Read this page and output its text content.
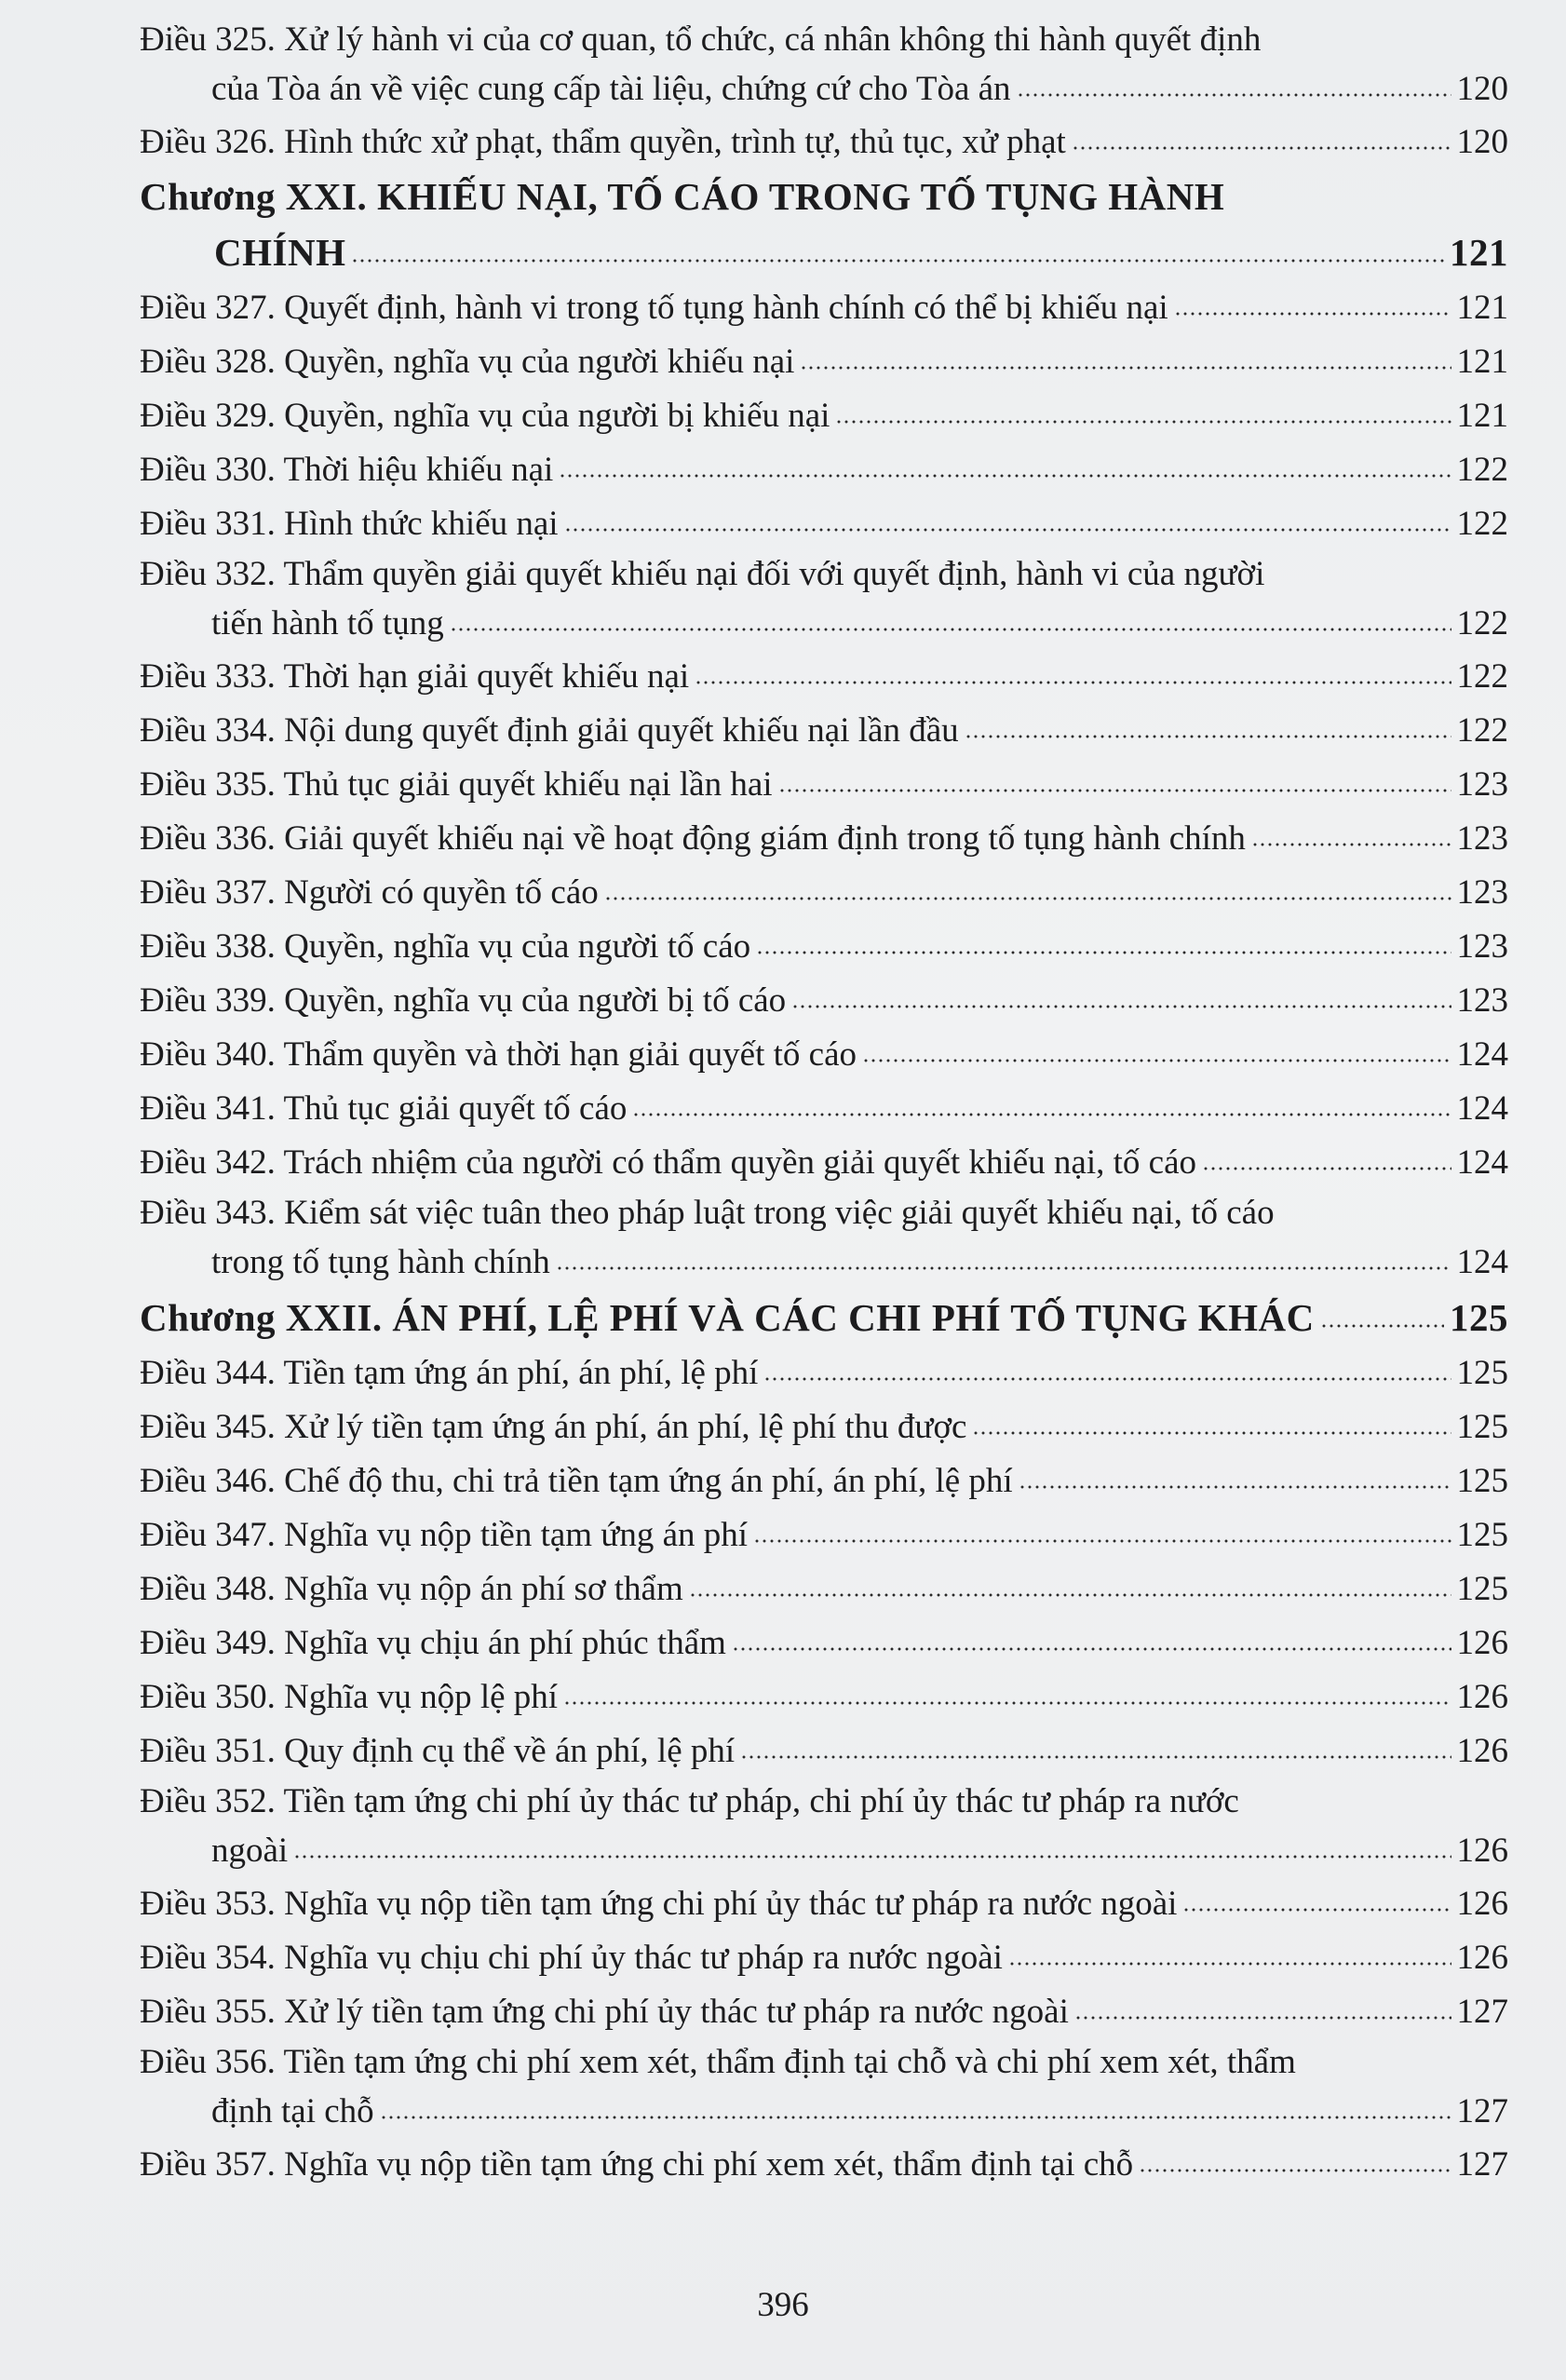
Điều 325. Xử lý hành vi của cơ quan, tổ chức, cá nhân không thi hành quyết định
của Tòa án về việc cung cấp tài liệu, chứng cứ cho Tòa án	120
Điều 326. Hình thức xử phạt, thẩm quyền, trình tự, thủ tục, xử phạt	120
Chương XXI. KHIẾU NẠI, TỐ CÁO TRONG TỐ TỤNG HÀNH
CHÍNH	121
Điều 327. Quyết định, hành vi trong tố tụng hành chính có thể bị khiếu nại	121
Điều 328. Quyền, nghĩa vụ của người khiếu nại	121
Điều 329. Quyền, nghĩa vụ của người bị khiếu nại	121
Điều 330. Thời hiệu khiếu nại	122
Điều 331. Hình thức khiếu nại	122
Điều 332. Thẩm quyền giải quyết khiếu nại đối với quyết định, hành vi của người
tiến hành tố tụng	122
Điều 333. Thời hạn giải quyết khiếu nại	122
Điều 334. Nội dung quyết định giải quyết khiếu nại lần đầu	122
Điều 335. Thủ tục giải quyết khiếu nại lần hai	123
Điều 336. Giải quyết khiếu nại về hoạt động giám định trong tố tụng hành chính	123
Điều 337. Người có quyền tố cáo	123
Điều 338. Quyền, nghĩa vụ của người tố cáo	123
Điều 339. Quyền, nghĩa vụ của người bị tố cáo	123
Điều 340. Thẩm quyền và thời hạn giải quyết tố cáo	124
Điều 341. Thủ tục giải quyết tố cáo	124
Điều 342. Trách nhiệm của người có thẩm quyền giải quyết khiếu nại, tố cáo	124
Điều 343. Kiểm sát việc tuân theo pháp luật trong việc giải quyết khiếu nại, tố cáo
trong tố tụng hành chính	124
Chương XXII. ÁN PHÍ, LỆ PHÍ VÀ CÁC CHI PHÍ TỐ TỤNG KHÁC	125
Điều 344. Tiền tạm ứng án phí, án phí, lệ phí	125
Điều 345. Xử lý tiền tạm ứng án phí, án phí, lệ phí thu được	125
Điều 346. Chế độ thu, chi trả tiền tạm ứng án phí, án phí, lệ phí	125
Điều 347. Nghĩa vụ nộp tiền tạm ứng án phí	125
Điều 348. Nghĩa vụ nộp án phí sơ thẩm	125
Điều 349. Nghĩa vụ chịu án phí phúc thẩm	126
Điều 350. Nghĩa vụ nộp lệ phí	126
Điều 351. Quy định cụ thể về án phí, lệ phí	126
Điều 352. Tiền tạm ứng chi phí ủy thác tư pháp, chi phí ủy thác tư pháp ra nước
ngoài	126
Điều 353. Nghĩa vụ nộp tiền tạm ứng chi phí ủy thác tư pháp ra nước ngoài	126
Điều 354. Nghĩa vụ chịu chi phí ủy thác tư pháp ra nước ngoài	126
Điều 355. Xử lý tiền tạm ứng chi phí ủy thác tư pháp ra nước ngoài	127
Điều 356. Tiền tạm ứng chi phí xem xét, thẩm định tại chỗ và chi phí xem xét, thẩm
định tại chỗ	127
Điều 357. Nghĩa vụ nộp tiền tạm ứng chi phí xem xét, thẩm định tại chỗ	127
396
